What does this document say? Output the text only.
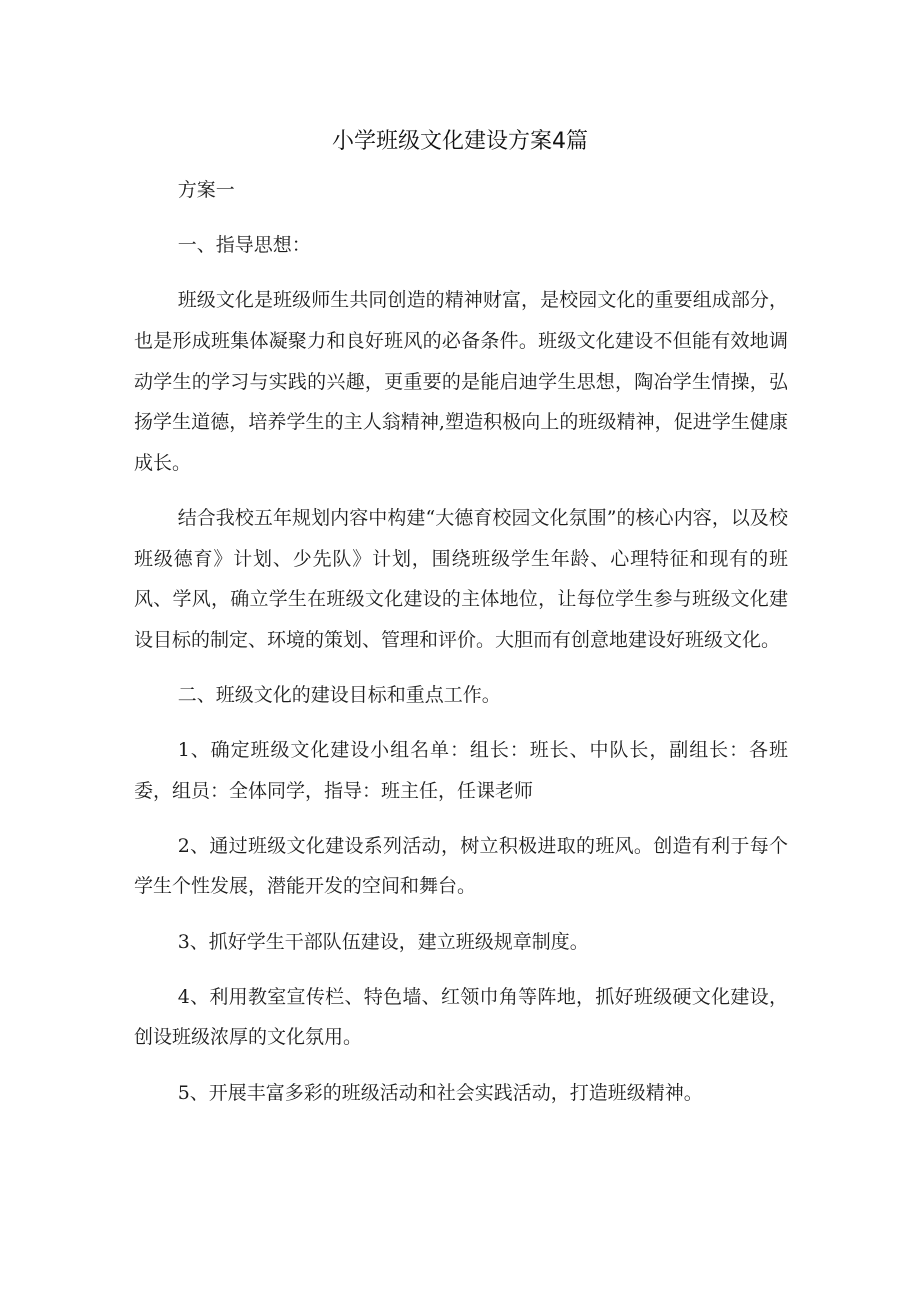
小学班级文化建设方案4篇

方案一

一、指导思想：

班级文化是班级师生共同创造的精神财富，是校园文化的重要组成部分，也是形成班集体凝聚力和良好班风的必备条件。班级文化建设不但能有效地调动学生的学习与实践的兴趣，更重要的是能启迪学生思想，陶冶学生情操，弘扬学生道德，培养学生的主人翁精神,塑造积极向上的班级精神，促进学生健康成长。

结合我校五年规划内容中构建“大德育校园文化氛围”的核心内容，以及校班级德育》计划、少先队》计划，围绕班级学生年龄、心理特征和现有的班风、学风，确立学生在班级文化建设的主体地位，让每位学生参与班级文化建设目标的制定、环境的策划、管理和评价。大胆而有创意地建设好班级文化。

二、班级文化的建设目标和重点工作。

1、确定班级文化建设小组名单：组长：班长、中队长，副组长：各班委，组员：全体同学，指导：班主任，任课老师

2、通过班级文化建设系列活动，树立积极进取的班风。创造有利于每个学生个性发展，潜能开发的空间和舞台。

3、抓好学生干部队伍建设，建立班级规章制度。

4、利用教室宣传栏、特色墙、红领巾角等阵地，抓好班级硬文化建设，创设班级浓厚的文化氛用。

5、开展丰富多彩的班级活动和社会实践活动，打造班级精神。
